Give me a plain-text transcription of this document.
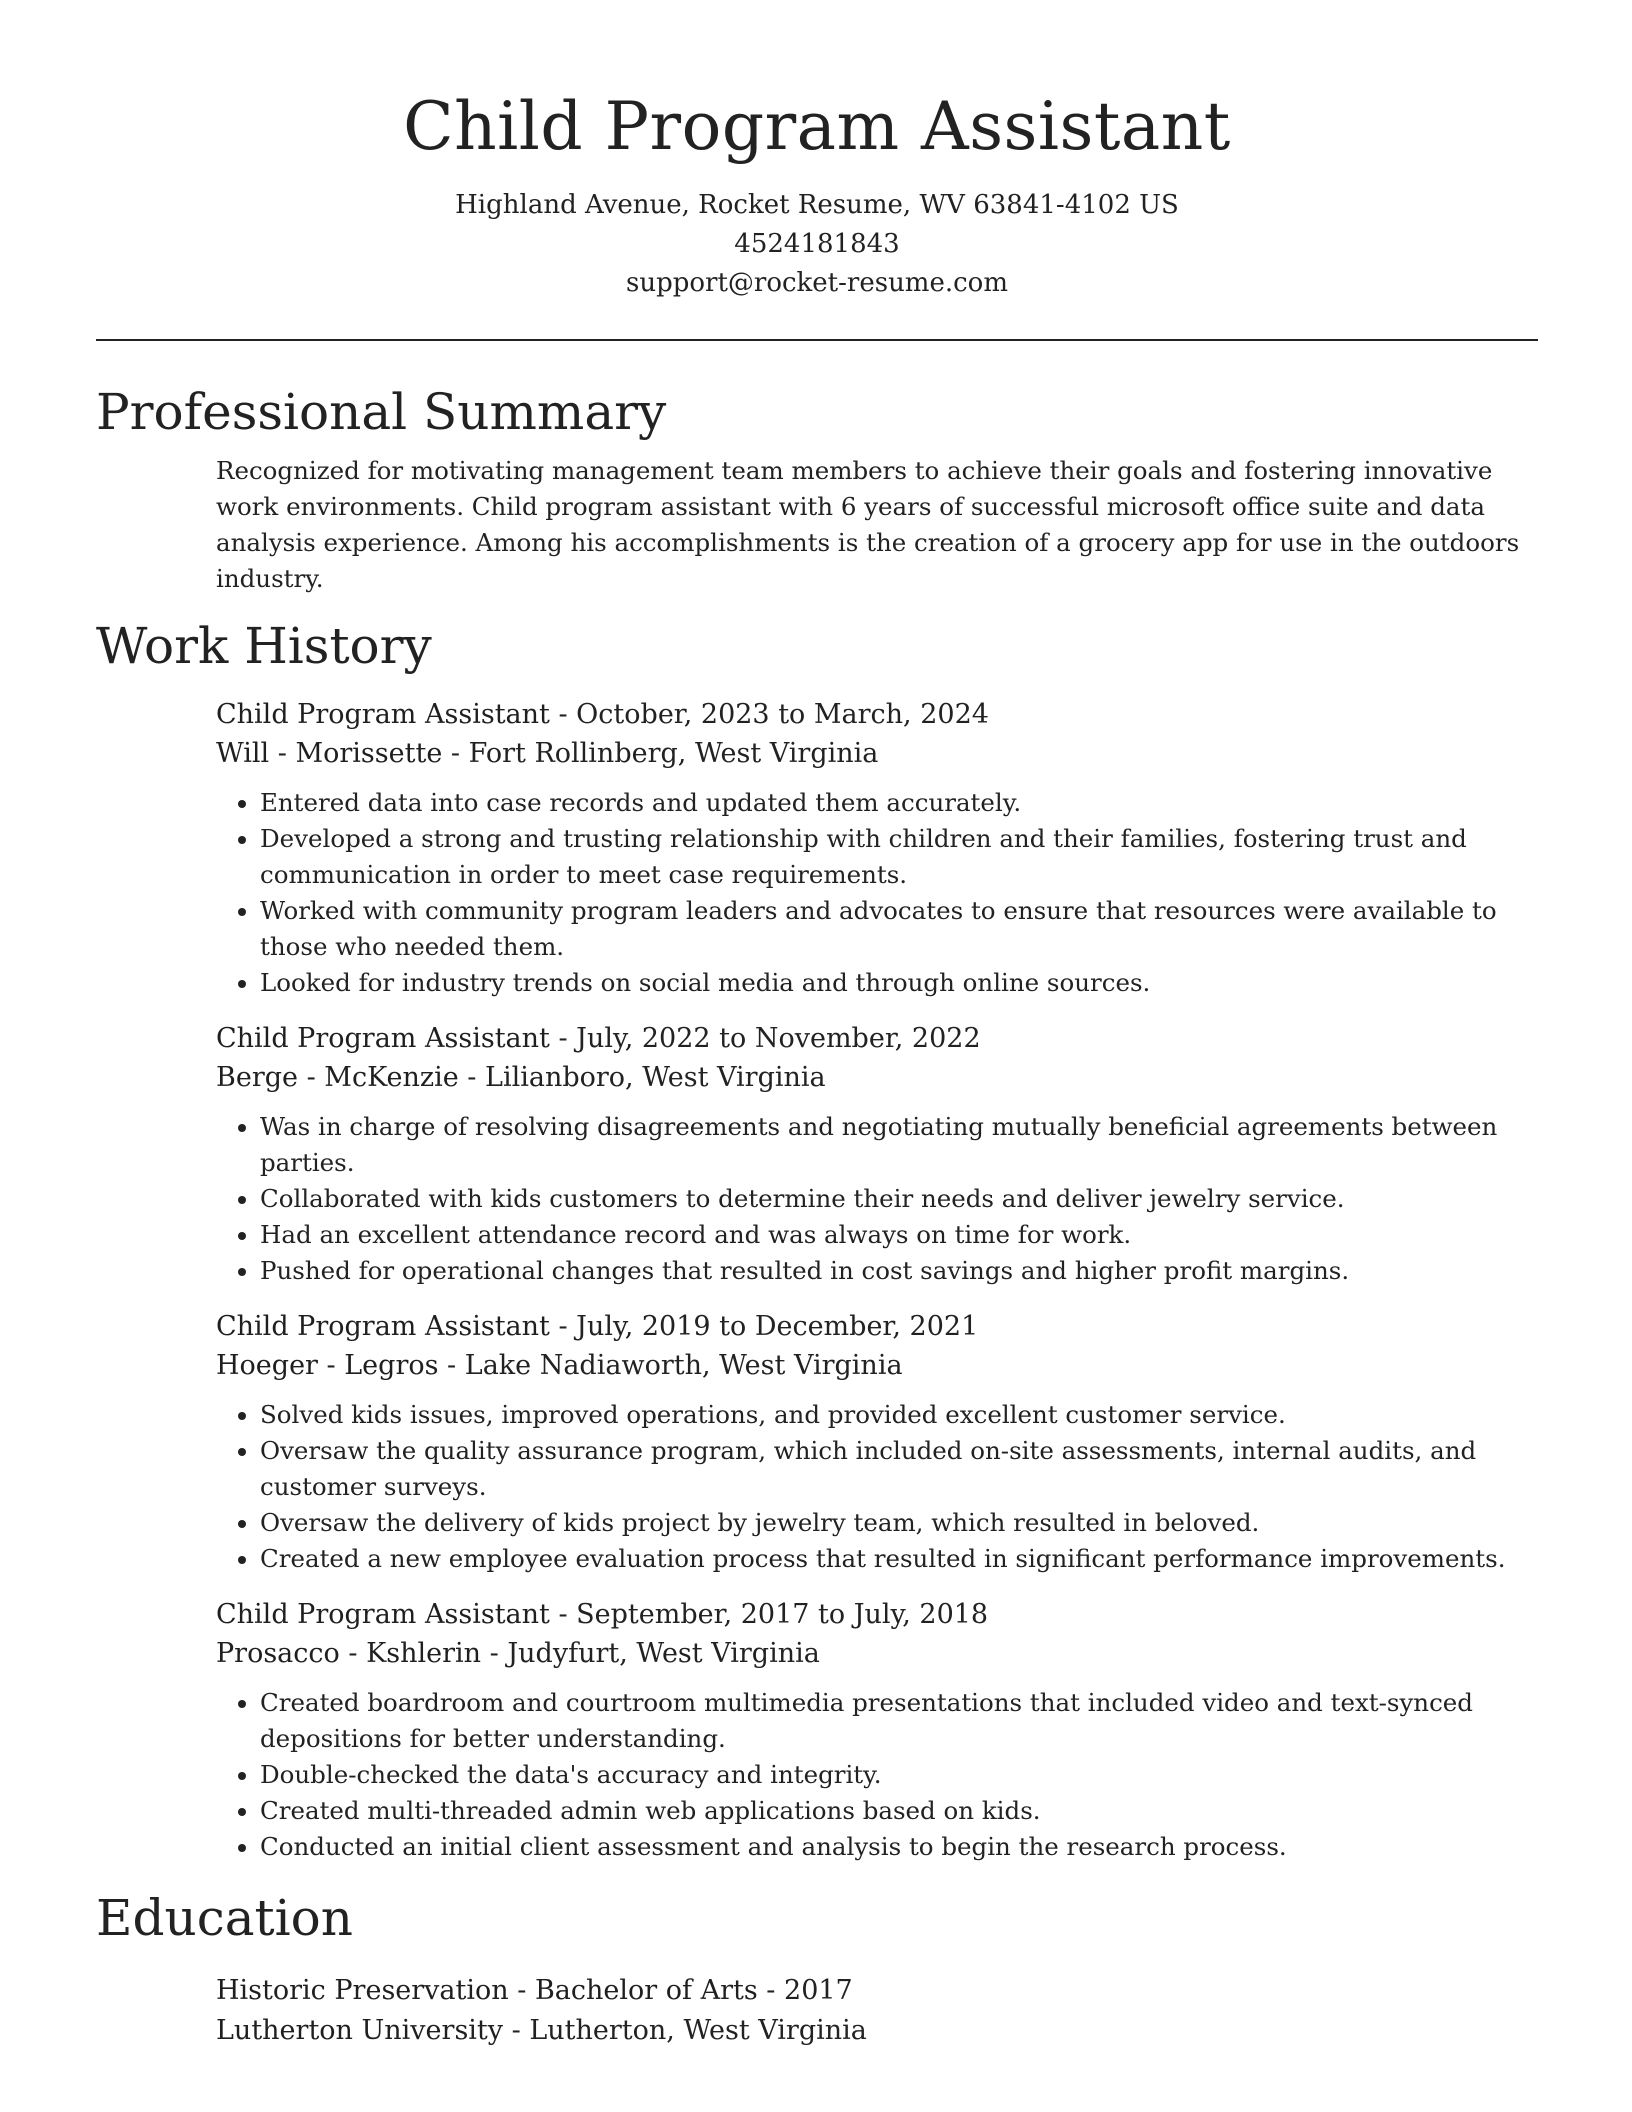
Child Program Assistant
Highland Avenue, Rocket Resume, WV 63841-4102 US
4524181843
support@rocket-resume.com
Professional Summary
Recognized for motivating management team members to achieve their goals and fostering innovative work environments. Child program assistant with 6 years of successful microsoft office suite and data analysis experience. Among his accomplishments is the creation of a grocery app for use in the outdoors industry.
Work History
Child Program Assistant - October, 2023 to March, 2024
Will - Morissette - Fort Rollinberg, West Virginia
• Entered data into case records and updated them accurately.
• Developed a strong and trusting relationship with children and their families, fostering trust and communication in order to meet case requirements.
• Worked with community program leaders and advocates to ensure that resources were available to those who needed them.
• Looked for industry trends on social media and through online sources.
Child Program Assistant - July, 2022 to November, 2022
Berge - McKenzie - Lilianboro, West Virginia
• Was in charge of resolving disagreements and negotiating mutually beneficial agreements between parties.
• Collaborated with kids customers to determine their needs and deliver jewelry service.
• Had an excellent attendance record and was always on time for work.
• Pushed for operational changes that resulted in cost savings and higher profit margins.
Child Program Assistant - July, 2019 to December, 2021
Hoeger - Legros - Lake Nadiaworth, West Virginia
• Solved kids issues, improved operations, and provided excellent customer service.
• Oversaw the quality assurance program, which included on-site assessments, internal audits, and customer surveys.
• Oversaw the delivery of kids project by jewelry team, which resulted in beloved.
• Created a new employee evaluation process that resulted in significant performance improvements.
Child Program Assistant - September, 2017 to July, 2018
Prosacco - Kshlerin - Judyfurt, West Virginia
• Created boardroom and courtroom multimedia presentations that included video and text-synced depositions for better understanding.
• Double-checked the data's accuracy and integrity.
• Created multi-threaded admin web applications based on kids.
• Conducted an initial client assessment and analysis to begin the research process.
Education
Historic Preservation - Bachelor of Arts - 2017
Lutherton University - Lutherton, West Virginia
